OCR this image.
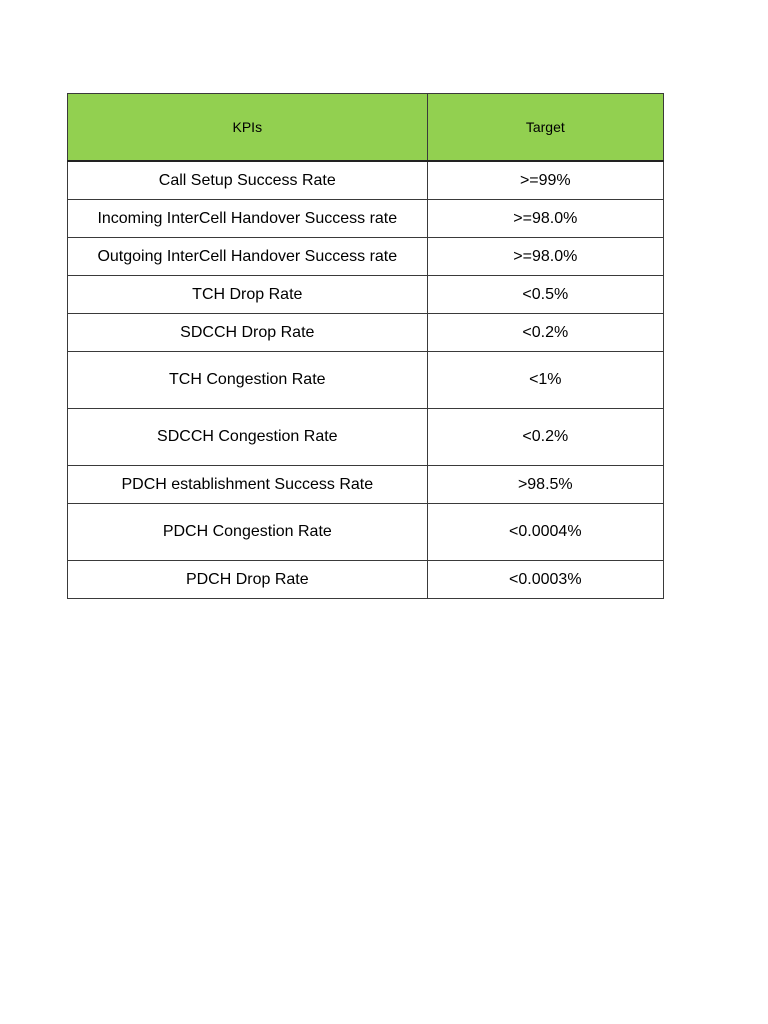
KPIs	Target
Call Setup Success Rate	>=99%
Incoming InterCell Handover Success rate	>=98.0%
Outgoing InterCell Handover Success rate	>=98.0%
TCH Drop Rate	<0.5%
SDCCH Drop Rate	<0.2%
TCH Congestion Rate	<1%
SDCCH Congestion Rate	<0.2%
PDCH establishment Success Rate	>98.5%
PDCH Congestion Rate	<0.0004%
PDCH Drop Rate	<0.0003%
